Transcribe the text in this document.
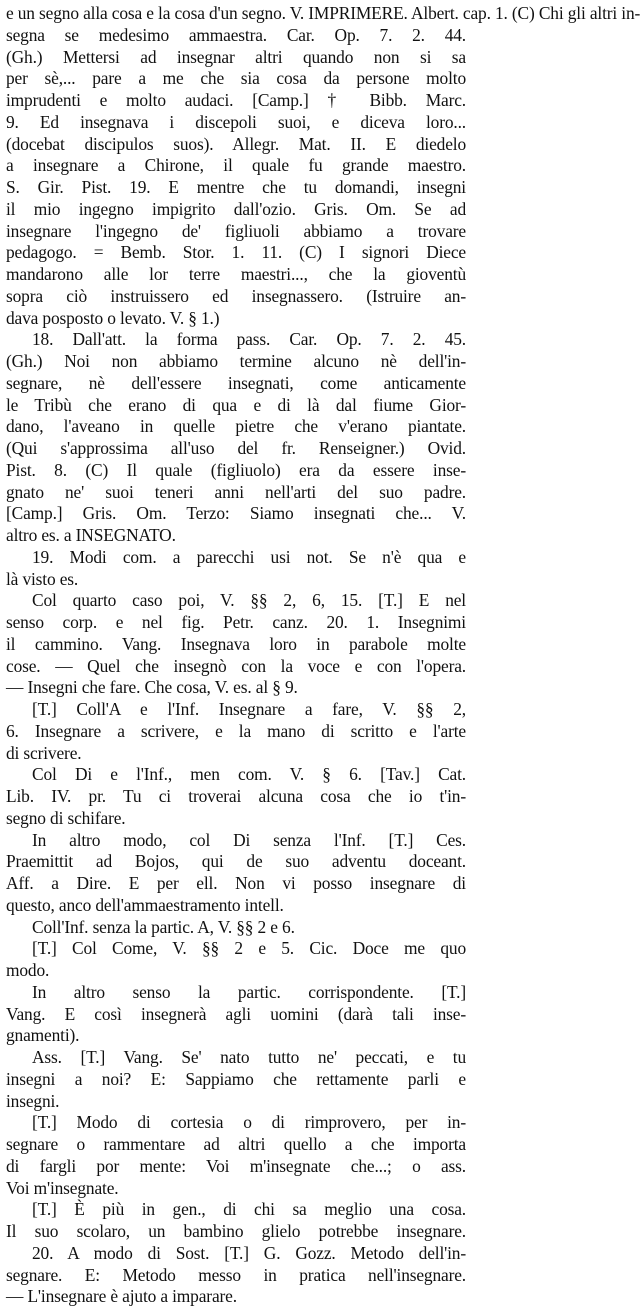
e un segno alla cosa e la cosa d'un segno. V. IMPRIMERE. Albert. cap. 1. (C) Chi gli altri in-
segna se medesimo ammaestra. Car. Op. 7. 2. 44.
(Gh.) Mettersi ad insegnar altri quando non si sa
per sè,... pare a me che sia cosa da persone molto
imprudenti e molto audaci. [Camp.] † Bibb. Marc.
9. Ed insegnava i discepoli suoi, e diceva loro...
(docebat discipulos suos). Allegr. Mat. II. E diedelo
a insegnare a Chirone, il quale fu grande maestro.
S. Gir. Pist. 19. E mentre che tu domandi, insegni
il mio ingegno impigrito dall'ozio. Gris. Om. Se ad
insegnare l'ingegno de' figliuoli abbiamo a trovare
pedagogo. = Bemb. Stor. 1. 11. (C) I signori Diece
mandarono alle lor terre maestri..., che la gioventù
sopra ciò instruissero ed insegnassero. (Istruire an-
dava posposto o levato. V. § 1.)
18. Dall'att. la forma pass. Car. Op. 7. 2. 45.
(Gh.) Noi non abbiamo termine alcuno nè dell'in-
segnare, nè dell'essere insegnati, come anticamente
le Tribù che erano di qua e di là dal fiume Gior-
dano, l'aveano in quelle pietre che v'erano piantate.
(Qui s'approssima all'uso del fr. Renseigner.) Ovid.
Pist. 8. (C) Il quale (figliuolo) era da essere inse-
gnato ne' suoi teneri anni nell'arti del suo padre.
[Camp.] Gris. Om. Terzo: Siamo insegnati che... V.
altro es. a INSEGNATO.
19. Modi com. a parecchi usi not. Se n'è qua e
là visto es.
Col quarto caso poi, V. §§ 2, 6, 15. [T.] E nel
senso corp. e nel fig. Petr. canz. 20. 1. Insegnimi
il cammino. Vang. Insegnava loro in parabole molte
cose. — Quel che insegnò con la voce e con l'opera.
— Insegni che fare. Che cosa, V. es. al § 9.
[T.] Coll'A e l'Inf. Insegnare a fare, V. §§ 2,
6. Insegnare a scrivere, e la mano di scritto e l'arte
di scrivere.
Col Di e l'Inf., men com. V. § 6. [Tav.] Cat.
Lib. IV. pr. Tu ci troverai alcuna cosa che io t'in-
segno di schifare.
In altro modo, col Di senza l'Inf. [T.] Ces.
Praemittit ad Bojos, qui de suo adventu doceant.
Aff. a Dire. E per ell. Non vi posso insegnare di
questo, anco dell'ammaestramento intell.
Coll'Inf. senza la partic. A, V. §§ 2 e 6.
[T.] Col Come, V. §§ 2 e 5. Cic. Doce me quo
modo.
In altro senso la partic. corrispondente. [T.]
Vang. E così insegnerà agli uomini (darà tali inse-
gnamenti).
Ass. [T.] Vang. Se' nato tutto ne' peccati, e tu
insegni a noi? E: Sappiamo che rettamente parli e
insegni.
[T.] Modo di cortesia o di rimprovero, per in-
segnare o rammentare ad altri quello a che importa
di fargli por mente: Voi m'insegnate che...; o ass.
Voi m'insegnate.
[T.] È più in gen., di chi sa meglio una cosa.
Il suo scolaro, un bambino glielo potrebbe insegnare.
20. A modo di Sost. [T.] G. Gozz. Metodo dell'in-
segnare. E: Metodo messo in pratica nell'insegnare.
— L'insegnare è ajuto a imparare.
